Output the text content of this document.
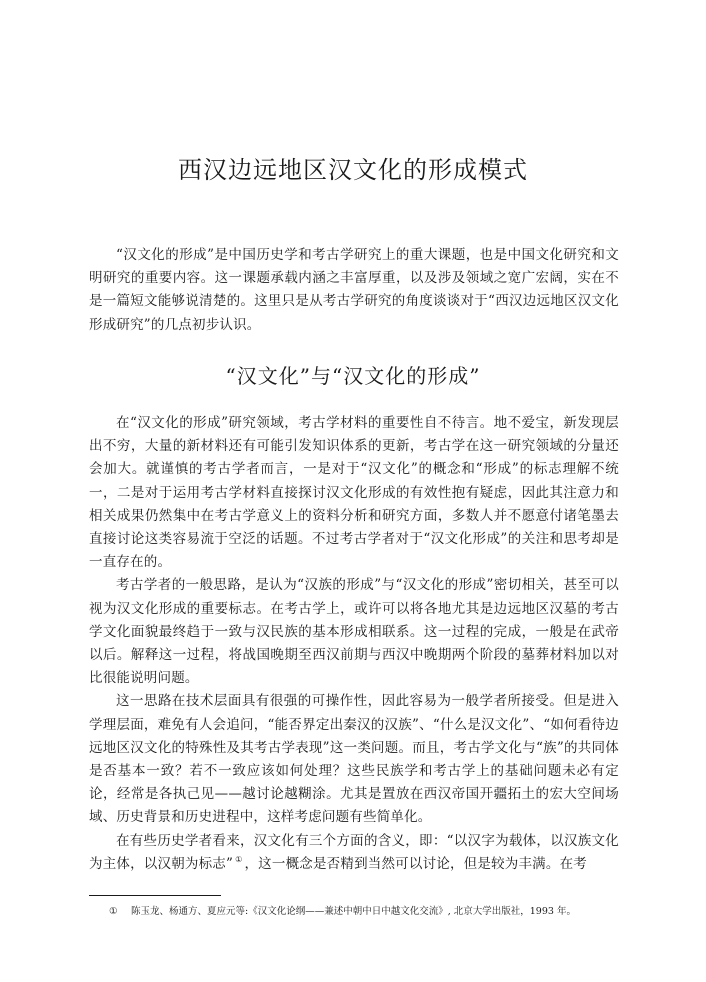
西汉边远地区汉文化的形成模式

“汉文化的形成”是中国历史学和考古学研究上的重大课题，也是中国文化研究和文明研究的重要内容。这一课题承载内涵之丰富厚重，以及涉及领域之宽广宏阔，实在不是一篇短文能够说清楚的。这里只是从考古学研究的角度谈谈对于“西汉边远地区汉文化形成研究”的几点初步认识。

“汉文化”与“汉文化的形成”

在“汉文化的形成”研究领域，考古学材料的重要性自不待言。地不爱宝，新发现层出不穷，大量的新材料还有可能引发知识体系的更新，考古学在这一研究领域的分量还会加大。就谨慎的考古学者而言，一是对于“汉文化”的概念和“形成”的标志理解不统一，二是对于运用考古学材料直接探讨汉文化形成的有效性抱有疑虑，因此其注意力和相关成果仍然集中在考古学意义上的资料分析和研究方面，多数人并不愿意付诸笔墨去直接讨论这类容易流于空泛的话题。不过考古学者对于“汉文化形成”的关注和思考却是一直存在的。

考古学者的一般思路，是认为“汉族的形成”与“汉文化的形成”密切相关，甚至可以视为汉文化形成的重要标志。在考古学上，或许可以将各地尤其是边远地区汉墓的考古学文化面貌最终趋于一致与汉民族的基本形成相联系。这一过程的完成，一般是在武帝以后。解释这一过程，将战国晚期至西汉前期与西汉中晚期两个阶段的墓葬材料加以对比很能说明问题。

这一思路在技术层面具有很强的可操作性，因此容易为一般学者所接受。但是进入学理层面，难免有人会追问，“能否界定出秦汉的汉族”、“什么是汉文化”、“如何看待边远地区汉文化的特殊性及其考古学表现”这一类问题。而且，考古学文化与“族”的共同体是否基本一致？若不一致应该如何处理？这些民族学和考古学上的基础问题未必有定论，经常是各执己见——越讨论越糊涂。尤其是置放在西汉帝国开疆拓土的宏大空间场域、历史背景和历史进程中，这样考虑问题有些简单化。

在有些历史学者看来，汉文化有三个方面的含义，即：“以汉字为载体，以汉族文化为主体，以汉朝为标志” ① ，这一概念是否精到当然可以讨论，但是较为丰满。在考

① 陈玉龙、杨通方、夏应元等:《汉文化论纲——兼述中朝中日中越文化交流》, 北京大学出版社，1993 年。
